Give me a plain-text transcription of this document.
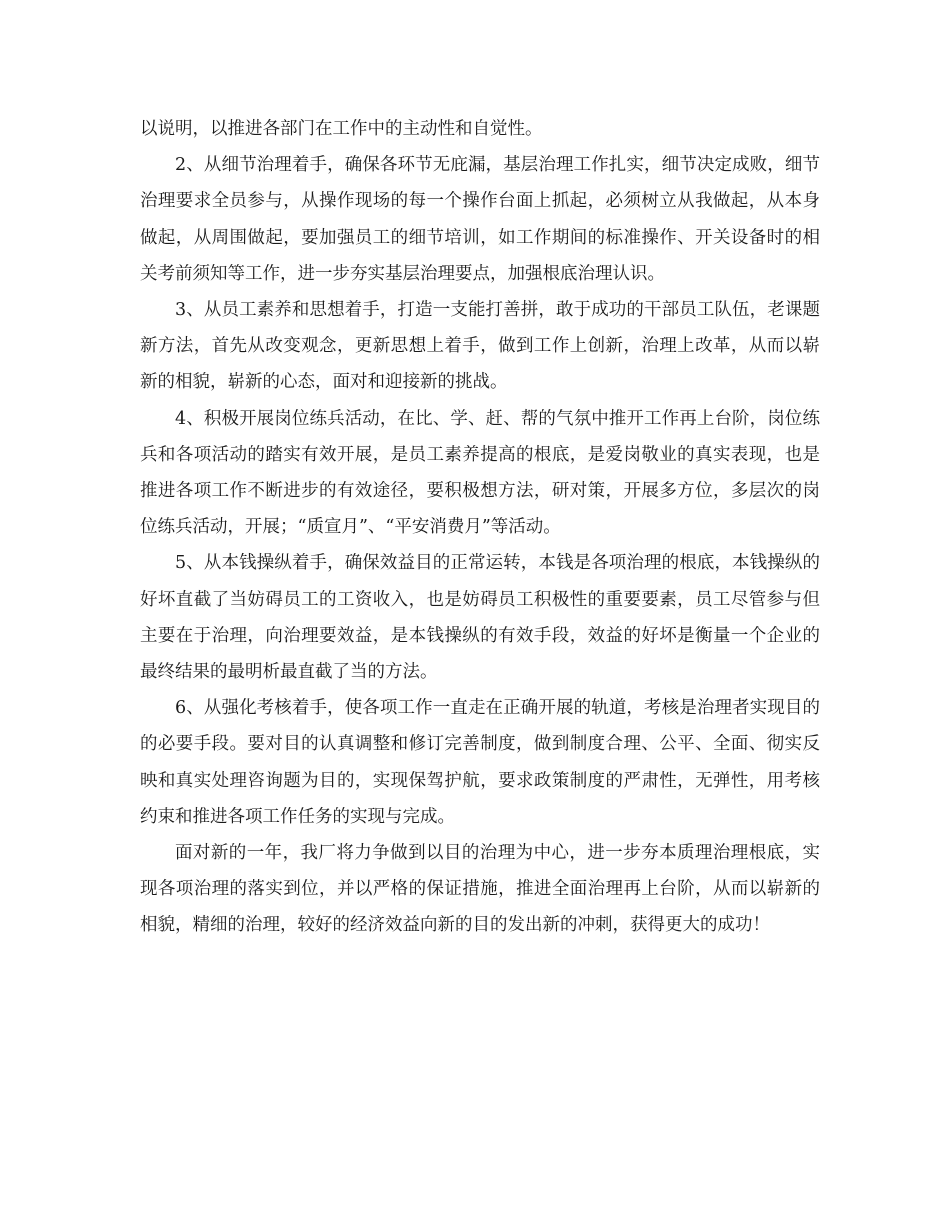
以说明，以推进各部门在工作中的主动性和自觉性。

2、从细节治理着手，确保各环节无庇漏，基层治理工作扎实，细节决定成败，细节治理要求全员参与，从操作现场的每一个操作台面上抓起，必须树立从我做起，从本身做起，从周围做起，要加强员工的细节培训，如工作期间的标准操作、开关设备时的相关考前须知等工作，进一步夯实基层治理要点，加强根底治理认识。

3、从员工素养和思想着手，打造一支能打善拼，敢于成功的干部员工队伍，老课题新方法，首先从改变观念，更新思想上着手，做到工作上创新，治理上改革，从而以崭新的相貌，崭新的心态，面对和迎接新的挑战。

4、积极开展岗位练兵活动，在比、学、赶、帮的气氛中推开工作再上台阶，岗位练兵和各项活动的踏实有效开展，是员工素养提高的根底，是爱岗敬业的真实表现，也是推进各项工作不断进步的有效途径，要积极想方法，研对策，开展多方位，多层次的岗位练兵活动，开展；“质宣月”、“平安消费月”等活动。

5、从本钱操纵着手，确保效益目的正常运转，本钱是各项治理的根底，本钱操纵的好坏直截了当妨碍员工的工资收入，也是妨碍员工积极性的重要要素，员工尽管参与但主要在于治理，向治理要效益，是本钱操纵的有效手段，效益的好坏是衡量一个企业的最终结果的最明析最直截了当的方法。

6、从强化考核着手，使各项工作一直走在正确开展的轨道，考核是治理者实现目的的必要手段。要对目的认真调整和修订完善制度，做到制度合理、公平、全面、彻实反映和真实处理咨询题为目的，实现保驾护航，要求政策制度的严肃性，无弹性，用考核约束和推进各项工作任务的实现与完成。

面对新的一年，我厂将力争做到以目的治理为中心，进一步夯本质理治理根底，实现各项治理的落实到位，并以严格的保证措施，推进全面治理再上台阶，从而以崭新的相貌，精细的治理，较好的经济效益向新的目的发出新的冲刺，获得更大的成功！
